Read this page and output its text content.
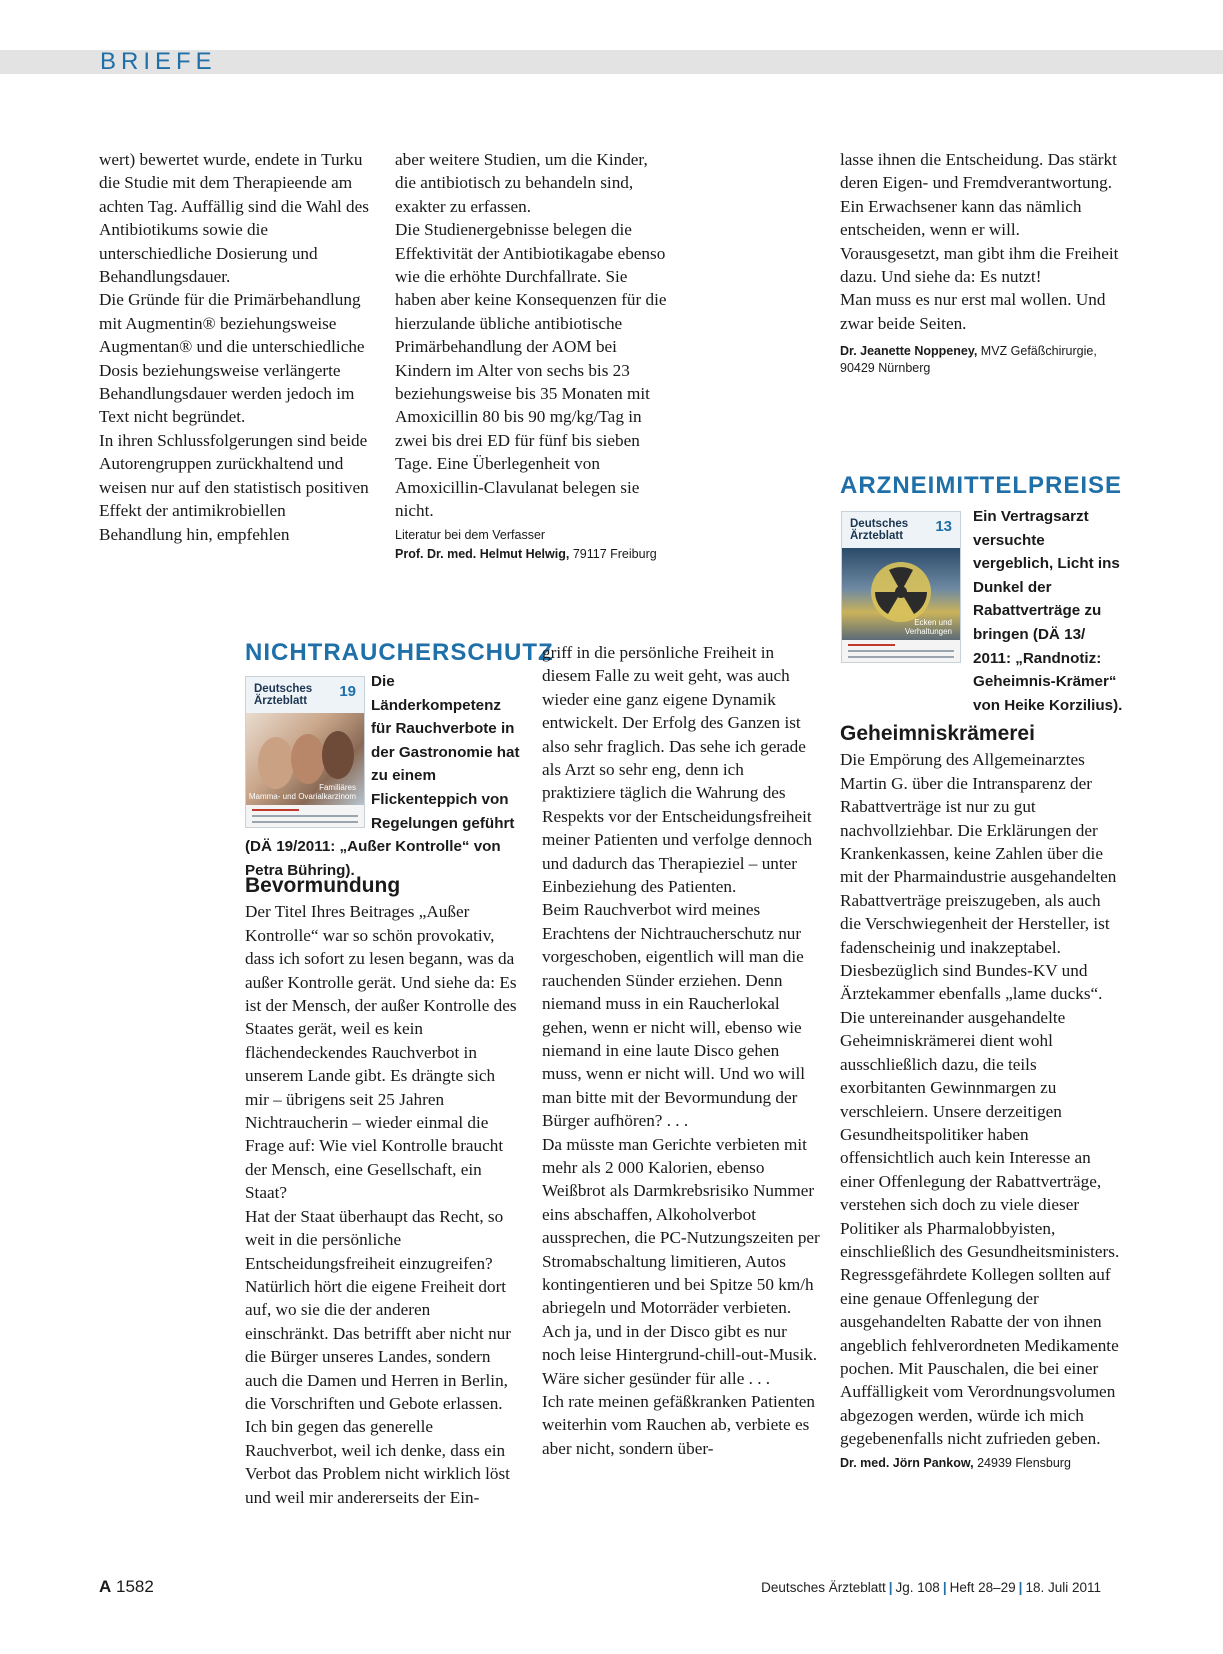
BRIEFE

wert) bewertet wurde, endete in Turku die Studie mit dem Therapieende am achten Tag. Auffällig sind die Wahl des Antibiotikums sowie die unterschiedliche Dosierung und Behandlungsdauer.

Die Gründe für die Primärbehandlung mit Augmentin® beziehungsweise Augmentan® und die unterschiedliche Dosis beziehungsweise verlängerte Behandlungsdauer werden jedoch im Text nicht begründet.

In ihren Schlussfolgerungen sind beide Autorengruppen zurückhaltend und weisen nur auf den statistisch positiven Effekt der antimikrobiellen Behandlung hin, empfehlen

aber weitere Studien, um die Kinder, die antibiotisch zu behandeln sind, exakter zu erfassen.

Die Studienergebnisse belegen die Effektivität der Antibiotikagabe ebenso wie die erhöhte Durchfallrate. Sie haben aber keine Konsequenzen für die hierzulande übliche antibiotische Primärbehandlung der AOM bei Kindern im Alter von sechs bis 23 beziehungsweise bis 35 Monaten mit Amoxicillin 80 bis 90 mg/kg/Tag in zwei bis drei ED für fünf bis sieben Tage. Eine Überlegenheit von Amoxicillin-Clavulanat belegen sie nicht.

Literatur bei dem Verfasser
Prof. Dr. med. Helmut Helwig, 79117 Freiburg

lasse ihnen die Entscheidung. Das stärkt deren Eigen- und Fremdverantwortung. Ein Erwachsener kann das nämlich entscheiden, wenn er will. Vorausgesetzt, man gibt ihm die Freiheit dazu. Und siehe da: Es nutzt!

Man muss es nur erst mal wollen. Und zwar beide Seiten.

Dr. Jeanette Noppeney, MVZ Gefäßchirurgie, 90429 Nürnberg
ARZNEIMITTELPREISE
Deutsches
Ärzteblatt
13
Ecken und
Verhaltungen
Ein Vertragsarzt versuchte vergeblich, Licht ins Dunkel der Rabattverträge zu bringen (DÄ 13/ 2011: „Randnotiz: Geheimnis-Krämer“ von Heike Korzilius).
Geheimniskrämerei

Die Empörung des Allgemeinarztes Martin G. über die Intransparenz der Rabattverträge ist nur zu gut nachvollziehbar. Die Erklärungen der Krankenkassen, keine Zahlen über die mit der Pharmaindustrie ausgehandelten Rabattverträge preiszugeben, als auch die Verschwiegenheit der Hersteller, ist fadenscheinig und inakzeptabel. Diesbezüglich sind Bundes-KV und Ärztekammer ebenfalls „lame ducks“. Die untereinander ausgehandelte Geheimniskrämerei dient wohl ausschließlich dazu, die teils exorbitanten Gewinnmargen zu verschleiern. Unsere derzeitigen Gesundheitspolitiker haben offensichtlich auch kein Interesse an einer Offenlegung der Rabattverträge, verstehen sich doch zu viele dieser Politiker als Pharmalobbyisten, einschließlich des Gesundheitsministers. Regressgefährdete Kollegen sollten auf eine genaue Offenlegung der ausgehandelten Rabatte der von ihnen angeblich fehlverordneten Medikamente pochen. Mit Pauschalen, die bei einer Auffälligkeit vom Verordnungsvolumen abgezogen werden, würde ich mich gegebenenfalls nicht zufrieden geben.

Dr. med. Jörn Pankow, 24939 Flensburg
NICHTRAUCHERSCHUTZ
Deutsches
Ärzteblatt
19
Familiäres
Mamma- und Ovarialkarzinom
Die Länderkompetenz für Rauchverbote in der Gastronomie hat zu einem Flickenteppich von Regelungen geführt (DÄ 19/2011: „Außer Kontrolle“ von Petra Bühring).
Bevormundung

Der Titel Ihres Beitrages „Außer Kontrolle“ war so schön provokativ, dass ich sofort zu lesen begann, was da außer Kontrolle gerät. Und siehe da: Es ist der Mensch, der außer Kontrolle des Staates gerät, weil es kein flächendeckendes Rauchverbot in unserem Lande gibt. Es drängte sich mir – übrigens seit 25 Jahren Nichtraucherin – wieder einmal die Frage auf: Wie viel Kontrolle braucht der Mensch, eine Gesellschaft, ein Staat?

Hat der Staat überhaupt das Recht, so weit in die persönliche Entscheidungsfreiheit einzugreifen? Natürlich hört die eigene Freiheit dort auf, wo sie die der anderen einschränkt. Das betrifft aber nicht nur die Bürger unseres Landes, sondern auch die Damen und Herren in Berlin, die Vorschriften und Gebote erlassen.

Ich bin gegen das generelle Rauchverbot, weil ich denke, dass ein Verbot das Problem nicht wirklich löst und weil mir andererseits der Ein-

griff in die persönliche Freiheit in diesem Falle zu weit geht, was auch wieder eine ganz eigene Dynamik entwickelt. Der Erfolg des Ganzen ist also sehr fraglich. Das sehe ich gerade als Arzt so sehr eng, denn ich praktiziere täglich die Wahrung des Respekts vor der Entscheidungsfreiheit meiner Patienten und verfolge dennoch und dadurch das Therapieziel – unter Einbeziehung des Patienten.

Beim Rauchverbot wird meines Erachtens der Nichtraucherschutz nur vorgeschoben, eigentlich will man die rauchenden Sünder erziehen. Denn niemand muss in ein Raucherlokal gehen, wenn er nicht will, ebenso wie niemand in eine laute Disco gehen muss, wenn er nicht will. Und wo will man bitte mit der Bevormundung der Bürger aufhören? . . .

Da müsste man Gerichte verbieten mit mehr als 2 000 Kalorien, ebenso Weißbrot als Darmkrebsrisiko Nummer eins abschaffen, Alkoholverbot aussprechen, die PC-Nutzungszeiten per Stromabschaltung limitieren, Autos kontingentieren und bei Spitze 50 km/h abriegeln und Motorräder verbieten. Ach ja, und in der Disco gibt es nur noch leise Hintergrund-chill-out-Musik. Wäre sicher gesünder für alle . . .

Ich rate meinen gefäßkranken Patienten weiterhin vom Rauchen ab, verbiete es aber nicht, sondern über-

A 1582	Deutsches Ärzteblatt | Jg. 108 | Heft 28–29 | 18. Juli 2011
